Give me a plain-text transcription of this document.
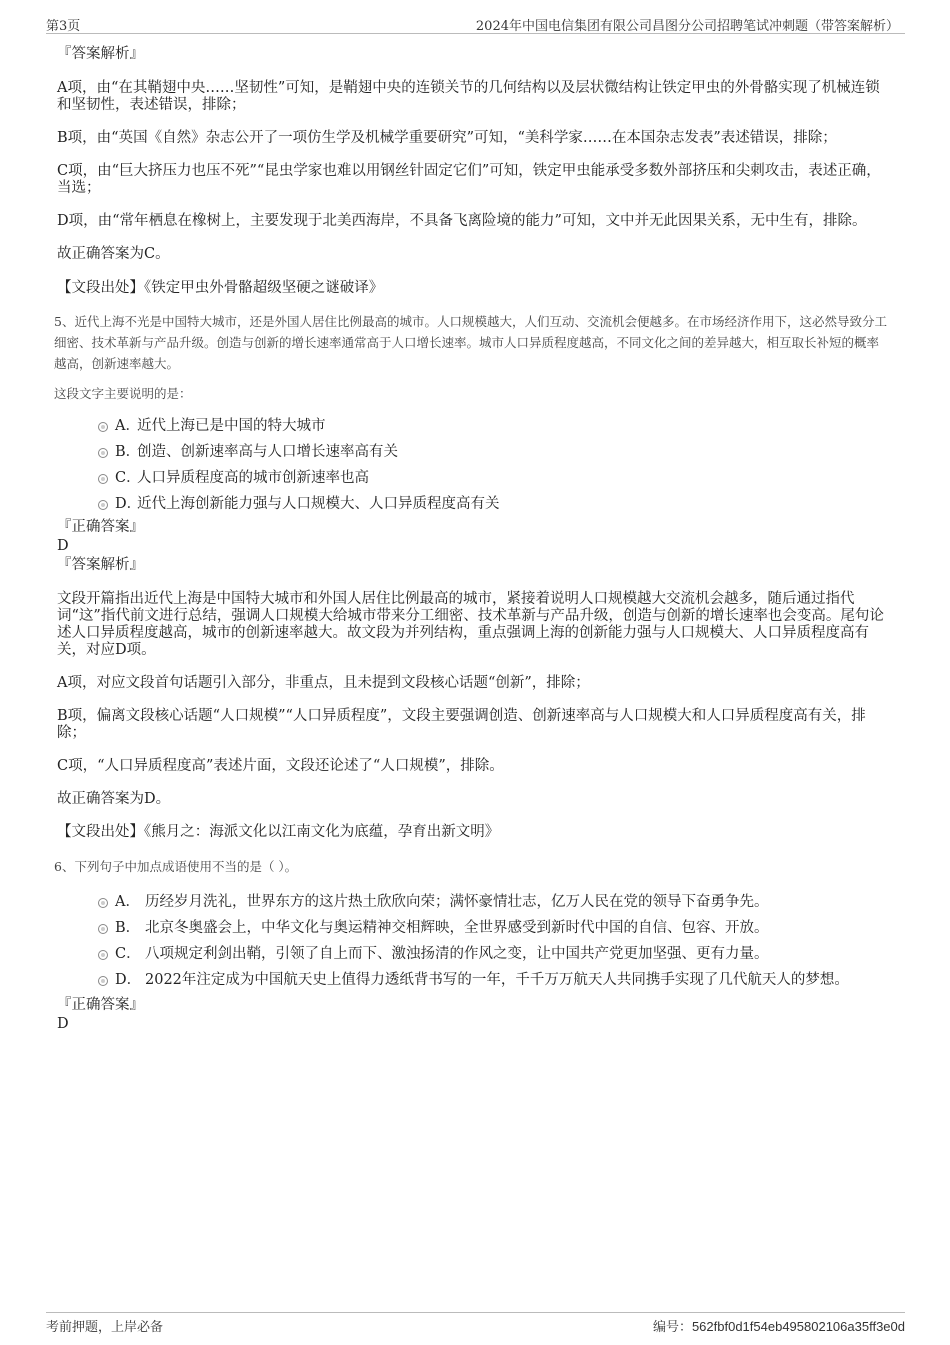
第3页	2024年中国电信集团有限公司昌图分公司招聘笔试冲刺题（带答案解析）
『答案解析』
A项，由“在其鞘翅中央……坚韧性”可知，是鞘翅中央的连锁关节的几何结构以及层状微结构让铁定甲虫的外骨骼实现了机械连锁和坚韧性，表述错误，排除；
B项，由“英国《自然》杂志公开了一项仿生学及机械学重要研究”可知，“美科学家……在本国杂志发表”表述错误，排除；
C项，由“巨大挤压力也压不死”“昆虫学家也难以用钢丝针固定它们”可知，铁定甲虫能承受多数外部挤压和尖刺攻击，表述正确，当选；
D项，由“常年栖息在橡树上，主要发现于北美西海岸，不具备飞离险境的能力”可知，文中并无此因果关系，无中生有，排除。
故正确答案为C。
【文段出处】《铁定甲虫外骨骼超级坚硬之谜破译》
5、近代上海不光是中国特大城市，还是外国人居住比例最高的城市。人口规模越大，人们互动、交流机会便越多。在市场经济作用下，这必然导致分工细密、技术革新与产品升级。创造与创新的增长速率通常高于人口增长速率。城市人口异质程度越高，不同文化之间的差异越大，相互取长补短的概率越高，创新速率越大。
这段文字主要说明的是：
A．近代上海已是中国的特大城市
B．创造、创新速率高与人口增长速率高有关
C．人口异质程度高的城市创新速率也高
D．近代上海创新能力强与人口规模大、人口异质程度高有关
『正确答案』
D
『答案解析』
文段开篇指出近代上海是中国特大城市和外国人居住比例最高的城市，紧接着说明人口规模越大交流机会越多，随后通过指代词“这”指代前文进行总结，强调人口规模大给城市带来分工细密、技术革新与产品升级，创造与创新的增长速率也会变高。尾句论述人口异质程度越高，城市的创新速率越大。故文段为并列结构，重点强调上海的创新能力强与人口规模大、人口异质程度高有关，对应D项。
A项，对应文段首句话题引入部分，非重点，且未提到文段核心话题“创新”，排除；
B项，偏离文段核心话题“人口规模”“人口异质程度”，文段主要强调创造、创新速率高与人口规模大和人口异质程度高有关，排除；
C项，“人口异质程度高”表述片面，文段还论述了“人口规模”，排除。
故正确答案为D。
【文段出处】《熊月之：海派文化以江南文化为底蕴，孕育出新文明》
6、下列句子中加点成语使用不当的是（ ）。
A． 历经岁月洗礼，世界东方的这片热土欣欣向荣；满怀豪情壮志，亿万人民在党的领导下奋勇争先。
B． 北京冬奥盛会上，中华文化与奥运精神交相辉映，全世界感受到新时代中国的自信、包容、开放。
C． 八项规定利剑出鞘，引领了自上而下、激浊扬清的作风之变，让中国共产党更加坚强、更有力量。
D． 2022年注定成为中国航天史上值得力透纸背书写的一年，千千万万航天人共同携手实现了几代航天人的梦想。
『正确答案』
D
考前押题，上岸必备	编号：562fbf0d1f54eb495802106a35ff3e0d
